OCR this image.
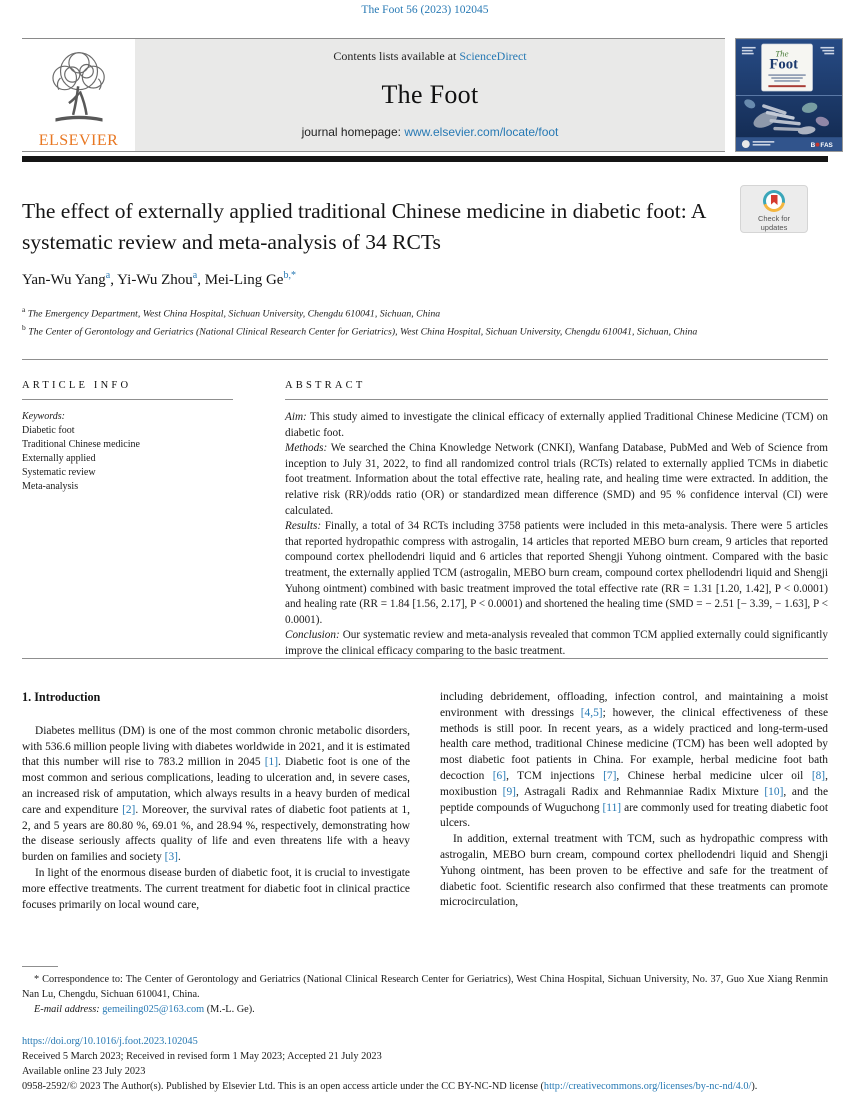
The Foot 56 (2023) 102045
ELSEVIER
Contents lists available at ScienceDirect
The Foot
journal homepage: www.elsevier.com/locate/foot
The
Foot
B FAS
The effect of externally applied traditional Chinese medicine in diabetic foot: A systematic review and meta-analysis of 34 RCTs
Check for updates
Yan-Wu Yang$^a$, Yi-Wu Zhou$^a$, Mei-Ling $Ge^{b,*}$
$^a$ The Emergency Department, West China Hospital, Sichuan University, Chengdu 610041, Sichuan, China
$^b$ The Center of Gerontology and Geriatrics (National Clinical Research Center for Geriatrics), West China Hospital, Sichuan University, Chengdu 610041, Sichuan, China
ARTICLE INFO
Keywords:
Diabetic foot
Traditional Chinese medicine
Externally applied
Systematic review
Meta-analysis
ABSTRACT

Aim: This study aimed to investigate the clinical efficacy of externally applied Traditional Chinese Medicine (TCM) on diabetic foot.

Methods: We searched the China Knowledge Network (CNKI), Wanfang Database, PubMed and Web of Science from inception to July 31, 2022, to find all randomized control trials (RCTs) related to externally applied TCMs in diabetic foot treatment. Information about the total effective rate, healing rate, and healing time were extracted. In addition, the relative risk (RR)/odds ratio (OR) or standardized mean difference (SMD) and 95 % confidence interval (CI) were calculated.

Results: Finally, a total of 34 RCTs including 3758 patients were included in this meta-analysis. There were 5 articles that reported hydropathic compress with astrogalin, 14 articles that reported MEBO burn cream, 9 articles that reported compound cortex phellodendri liquid and 6 articles that reported Shengji Yuhong ointment. Compared with the basic treatment, the externally applied TCM (astrogalin, MEBO burn cream, compound cortex phellodendri liquid and Shengji Yuhong ointment) combined with basic treatment improved the total effective rate (RR = 1.31 [1.20, 1.42], P < 0.0001) and healing rate (RR = 1.84 [1.56, 2.17], P < 0.0001) and shortened the healing time (SMD = − 2.51 [− 3.39, − 1.63], P < 0.0001).

Conclusion: Our systematic review and meta-analysis revealed that common TCM applied externally could significantly improve the clinical efficacy comparing to the basic treatment.

1. Introduction

Diabetes mellitus (DM) is one of the most common chronic metabolic disorders, with 536.6 million people living with diabetes worldwide in 2021, and it is estimated that this number will rise to 783.2 million in 2045 [1]. Diabetic foot is one of the most common and serious complications, leading to ulceration and, in severe cases, an increased risk of amputation, which always results in a heavy burden of medical care and expenditure [2]. Moreover, the survival rates of diabetic foot patients at 1, 2, and 5 years are 80.80 %, 69.01 %, and 28.94 %, respectively, demonstrating how the disease seriously affects quality of life and even threatens life with a heavy burden on families and society [3].

In light of the enormous disease burden of diabetic foot, it is crucial to investigate more effective treatments. The current treatment for diabetic foot in clinical practice focuses primarily on local wound care,

including debridement, offloading, infection control, and maintaining a moist environment with dressings [4,5]; however, the clinical effectiveness of these methods is still poor. In recent years, as a widely practiced and long-term-used health care method, traditional Chinese medicine (TCM) has been well adopted by most diabetic foot patients in China. For example, herbal medicine foot bath decoction [6], TCM injections [7], Chinese herbal medicine ulcer oil [8], moxibustion [9], Astragali Radix and Rehmanniae Radix Mixture [10], and the peptide compounds of Wuguchong [11] are commonly used for treating diabetic foot ulcers.

In addition, external treatment with TCM, such as hydropathic compress with astrogalin, MEBO burn cream, compound cortex phellodendri liquid and Shengji Yuhong ointment, has been proven to be effective and safe for the treatment of diabetic foot. Scientific research also confirmed that these treatments can promote microcirculation,

* Correspondence to: The Center of Gerontology and Geriatrics (National Clinical Research Center for Geriatrics), West China Hospital, Sichuan University, No. 37, Guo Xue Xiang Renmin Nan Lu, Chengdu, Sichuan 610041, China.
E-mail address: gemeiling025@163.com (M.-L. Ge).
https://doi.org/10.1016/j.foot.2023.102045
Received 5 March 2023; Received in revised form 1 May 2023; Accepted 21 July 2023
Available online 23 July 2023
0958-2592/© 2023 The Author(s). Published by Elsevier Ltd. This is an open access article under the CC BY-NC-ND license (http://creativecommons.org/licenses/by-nc-nd/4.0/).
